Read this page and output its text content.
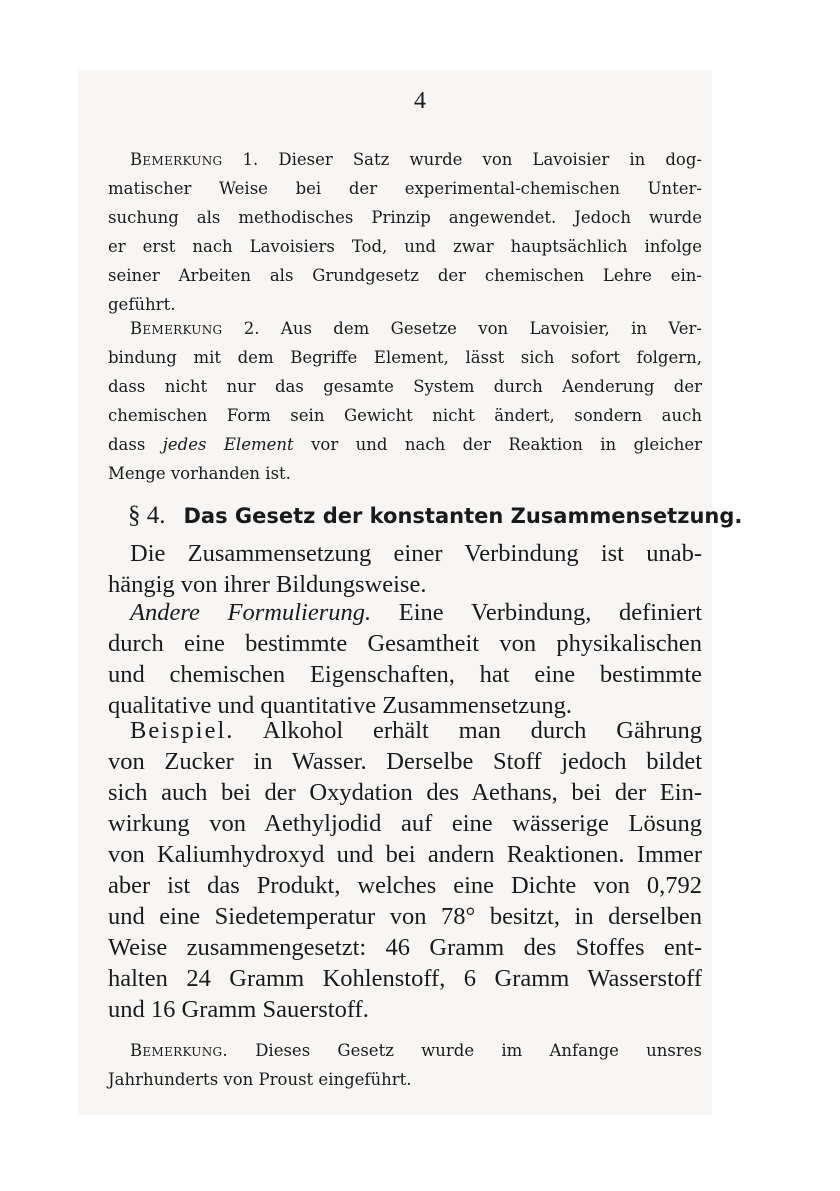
4
Bemerkung 1. Dieser Satz wurde von Lavoisier in dog-
matischer Weise bei der experimental-chemischen Unter-
suchung als methodisches Prinzip angewendet. Jedoch wurde
er erst nach Lavoisiers Tod, und zwar hauptsächlich infolge
seiner Arbeiten als Grundgesetz der chemischen Lehre ein-
geführt.
Bemerkung 2. Aus dem Gesetze von Lavoisier, in Ver-
bindung mit dem Begriffe Element, lässt sich sofort folgern,
dass nicht nur das gesamte System durch Aenderung der
chemischen Form sein Gewicht nicht ändert, sondern auch
dass jedes Element vor und nach der Reaktion in gleicher
Menge vorhanden ist.
§ 4. Das Gesetz der konstanten Zusammensetzung.
Die Zusammensetzung einer Verbindung ist unab-
hängig von ihrer Bildungsweise.
Andere Formulierung. Eine Verbindung, definiert
durch eine bestimmte Gesamtheit von physikalischen
und chemischen Eigenschaften, hat eine bestimmte
qualitative und quantitative Zusammensetzung.
Beispiel. Alkohol erhält man durch Gährung
von Zucker in Wasser. Derselbe Stoff jedoch bildet
sich auch bei der Oxydation des Aethans, bei der Ein-
wirkung von Aethyljodid auf eine wässerige Lösung
von Kaliumhydroxyd und bei andern Reaktionen. Immer
aber ist das Produkt, welches eine Dichte von 0,792
und eine Siedetemperatur von 78° besitzt, in derselben
Weise zusammengesetzt: 46 Gramm des Stoffes ent-
halten 24 Gramm Kohlenstoff, 6 Gramm Wasserstoff
und 16 Gramm Sauerstoff.
Bemerkung. Dieses Gesetz wurde im Anfange unsres
Jahrhunderts von Proust eingeführt.
